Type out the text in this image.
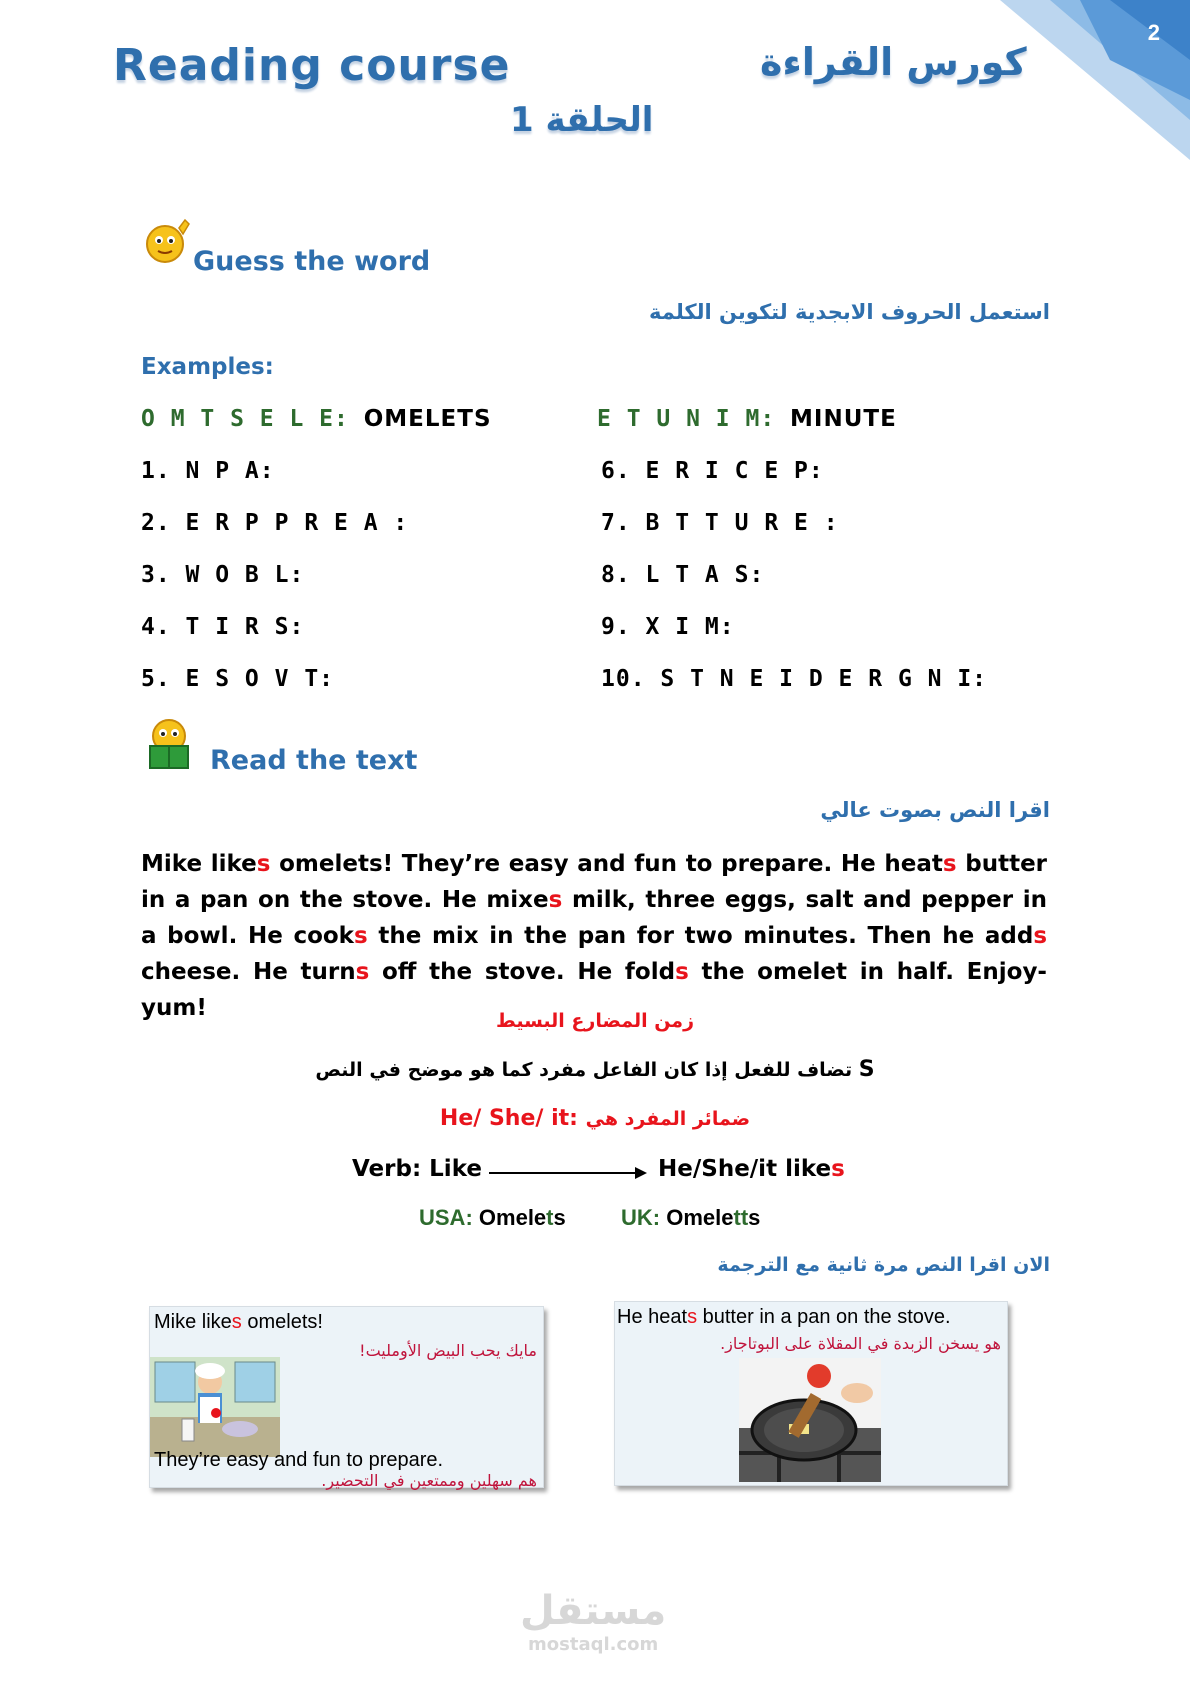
2
Reading course	كورس القراءة
الحلقة 1
Guess the word
استعمل الحروف الابجدية لتكوين الكلمة
Examples:
O M T S E L E: OMELETS	E T U N I M: MINUTE
1. N P A:
2. E R P P R E A :
3. W O B L:
4. T I R S:
5. E S O V T:
6. E R I C E P:
7. B T T U R E :
8. L T A S:
9. X I M:
10. S T N E I D E R G N I:
Read the text
اقرا النص بصوت عالي
Mike likes omelets! They’re easy and fun to prepare. He heats butter in a pan on the stove. He mixes milk, three eggs, salt and pepper in a bowl. He cooks the mix in the pan for two minutes. Then he adds cheese. He turns off the stove. He folds the omelet in half. Enjoy-yum!	زمن المضارع البسيط
تضاف للفعل إذا كان الفاعل مفرد كما هو موضح في النص S
He/ She/ it: ضمائر المفرد هي
Verb: Like	He/She/it likes
USA: Omelets	UK: Omeletts
الان اقرا النص مرة ثانية مع الترجمة
Mike likes omelets!
مايك يحب البيض الأومليت!
They’re easy and fun to prepare.
هم سهلين وممتعين في التحضير.
He heats butter in a pan on the stove.
هو يسخن الزبدة في المقلاة على البوتاجاز.
مستقل
mostaql.com
